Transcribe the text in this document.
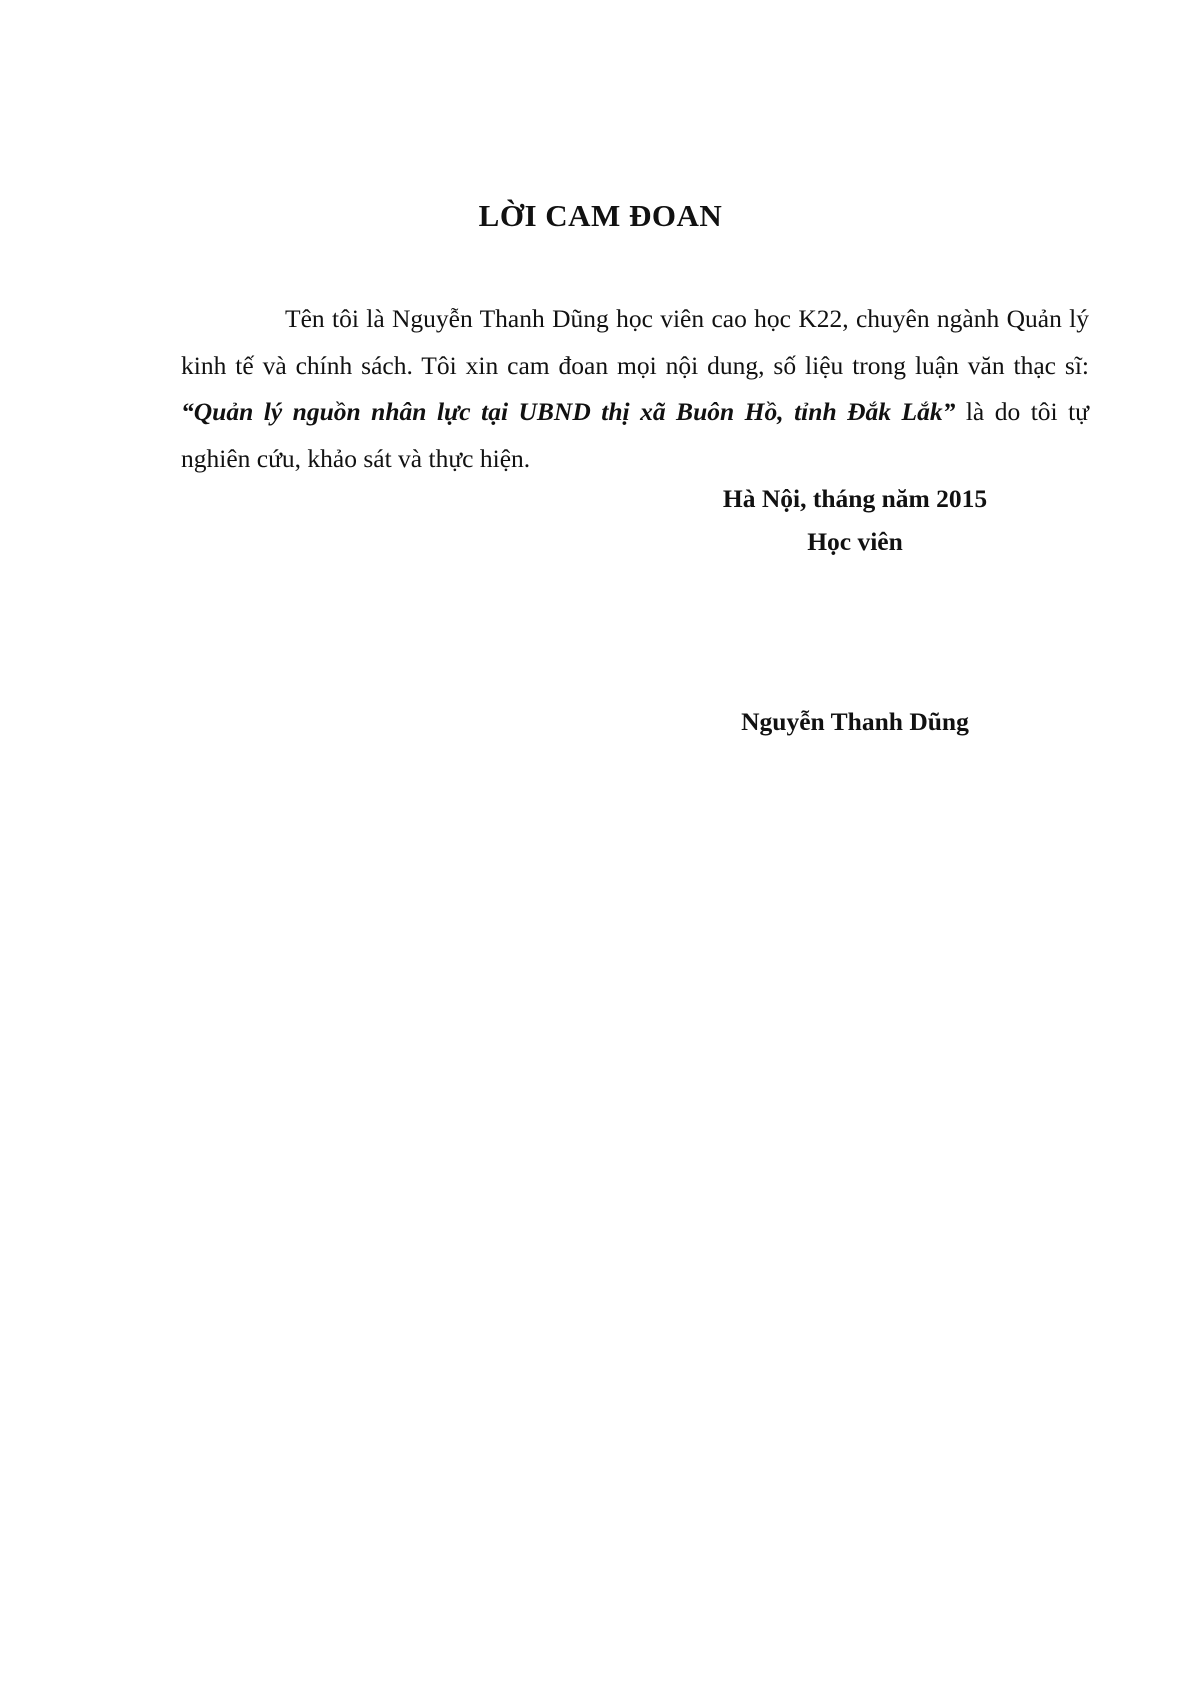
LỜI CAM ĐOAN

Tên tôi là Nguyễn Thanh Dũng học viên cao học K22, chuyên ngành Quản lý kinh tế và chính sách. Tôi xin cam đoan mọi nội dung, số liệu trong luận văn thạc sĩ: “Quản lý nguồn nhân lực tại UBND thị xã Buôn Hồ, tỉnh Đắk Lắk” là do tôi tự nghiên cứu, khảo sát và thực hiện.

Hà Nội, tháng năm 2015
Học viên
Nguyễn Thanh Dũng
